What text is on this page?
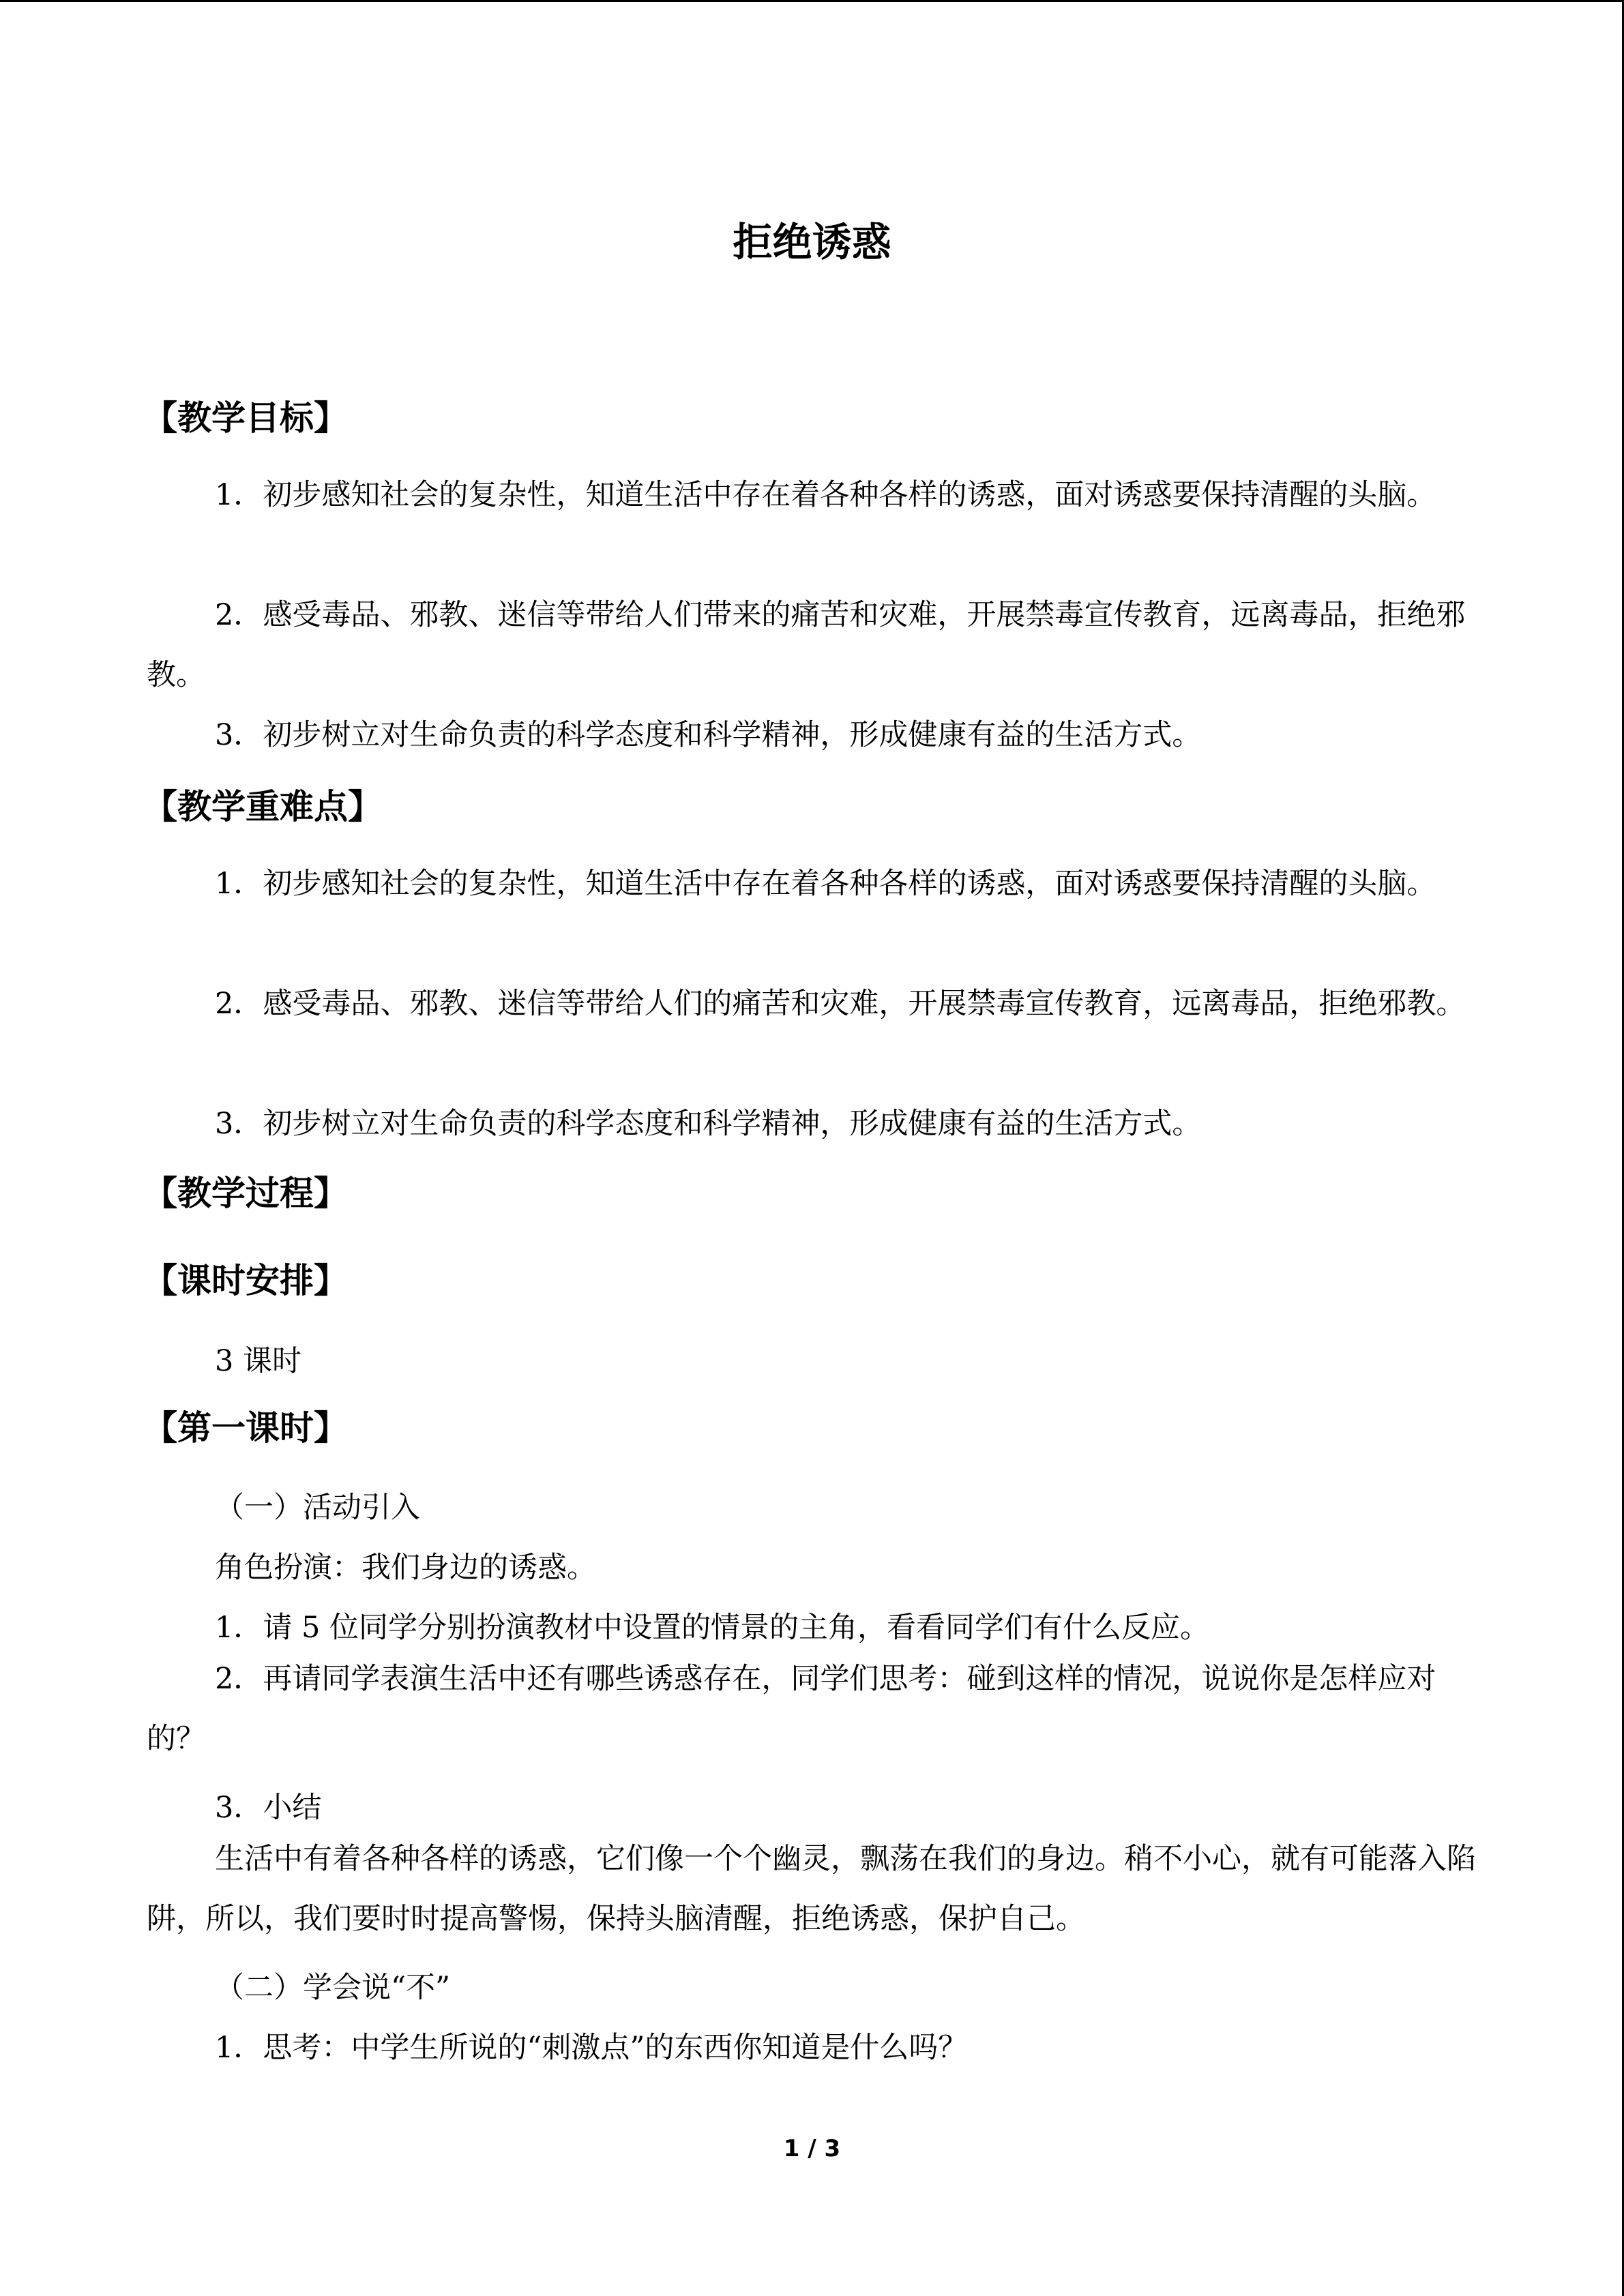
拒绝诱惑
【教学目标】
1．初步感知社会的复杂性，知道生活中存在着各种各样的诱惑，面对诱惑要保持清醒的头脑。
2．感受毒品、邪教、迷信等带给人们带来的痛苦和灾难，开展禁毒宣传教育，远离毒品，拒绝邪教。
3．初步树立对生命负责的科学态度和科学精神，形成健康有益的生活方式。
【教学重难点】
1．初步感知社会的复杂性，知道生活中存在着各种各样的诱惑，面对诱惑要保持清醒的头脑。
2．感受毒品、邪教、迷信等带给人们的痛苦和灾难，开展禁毒宣传教育，远离毒品，拒绝邪教。
3．初步树立对生命负责的科学态度和科学精神，形成健康有益的生活方式。
【教学过程】
【课时安排】
3 课时
【第一课时】
（一）活动引入
角色扮演：我们身边的诱惑。
1．请 5 位同学分别扮演教材中设置的情景的主角，看看同学们有什么反应。
2．再请同学表演生活中还有哪些诱惑存在，同学们思考：碰到这样的情况，说说你是怎样应对的？
3．小结
生活中有着各种各样的诱惑，它们像一个个幽灵，飘荡在我们的身边。稍不小心，就有可能落入陷阱，所以，我们要时时提高警惕，保持头脑清醒，拒绝诱惑，保护自己。
（二）学会说“不”
1．思考：中学生所说的“刺激点”的东西你知道是什么吗？
1 / 3
